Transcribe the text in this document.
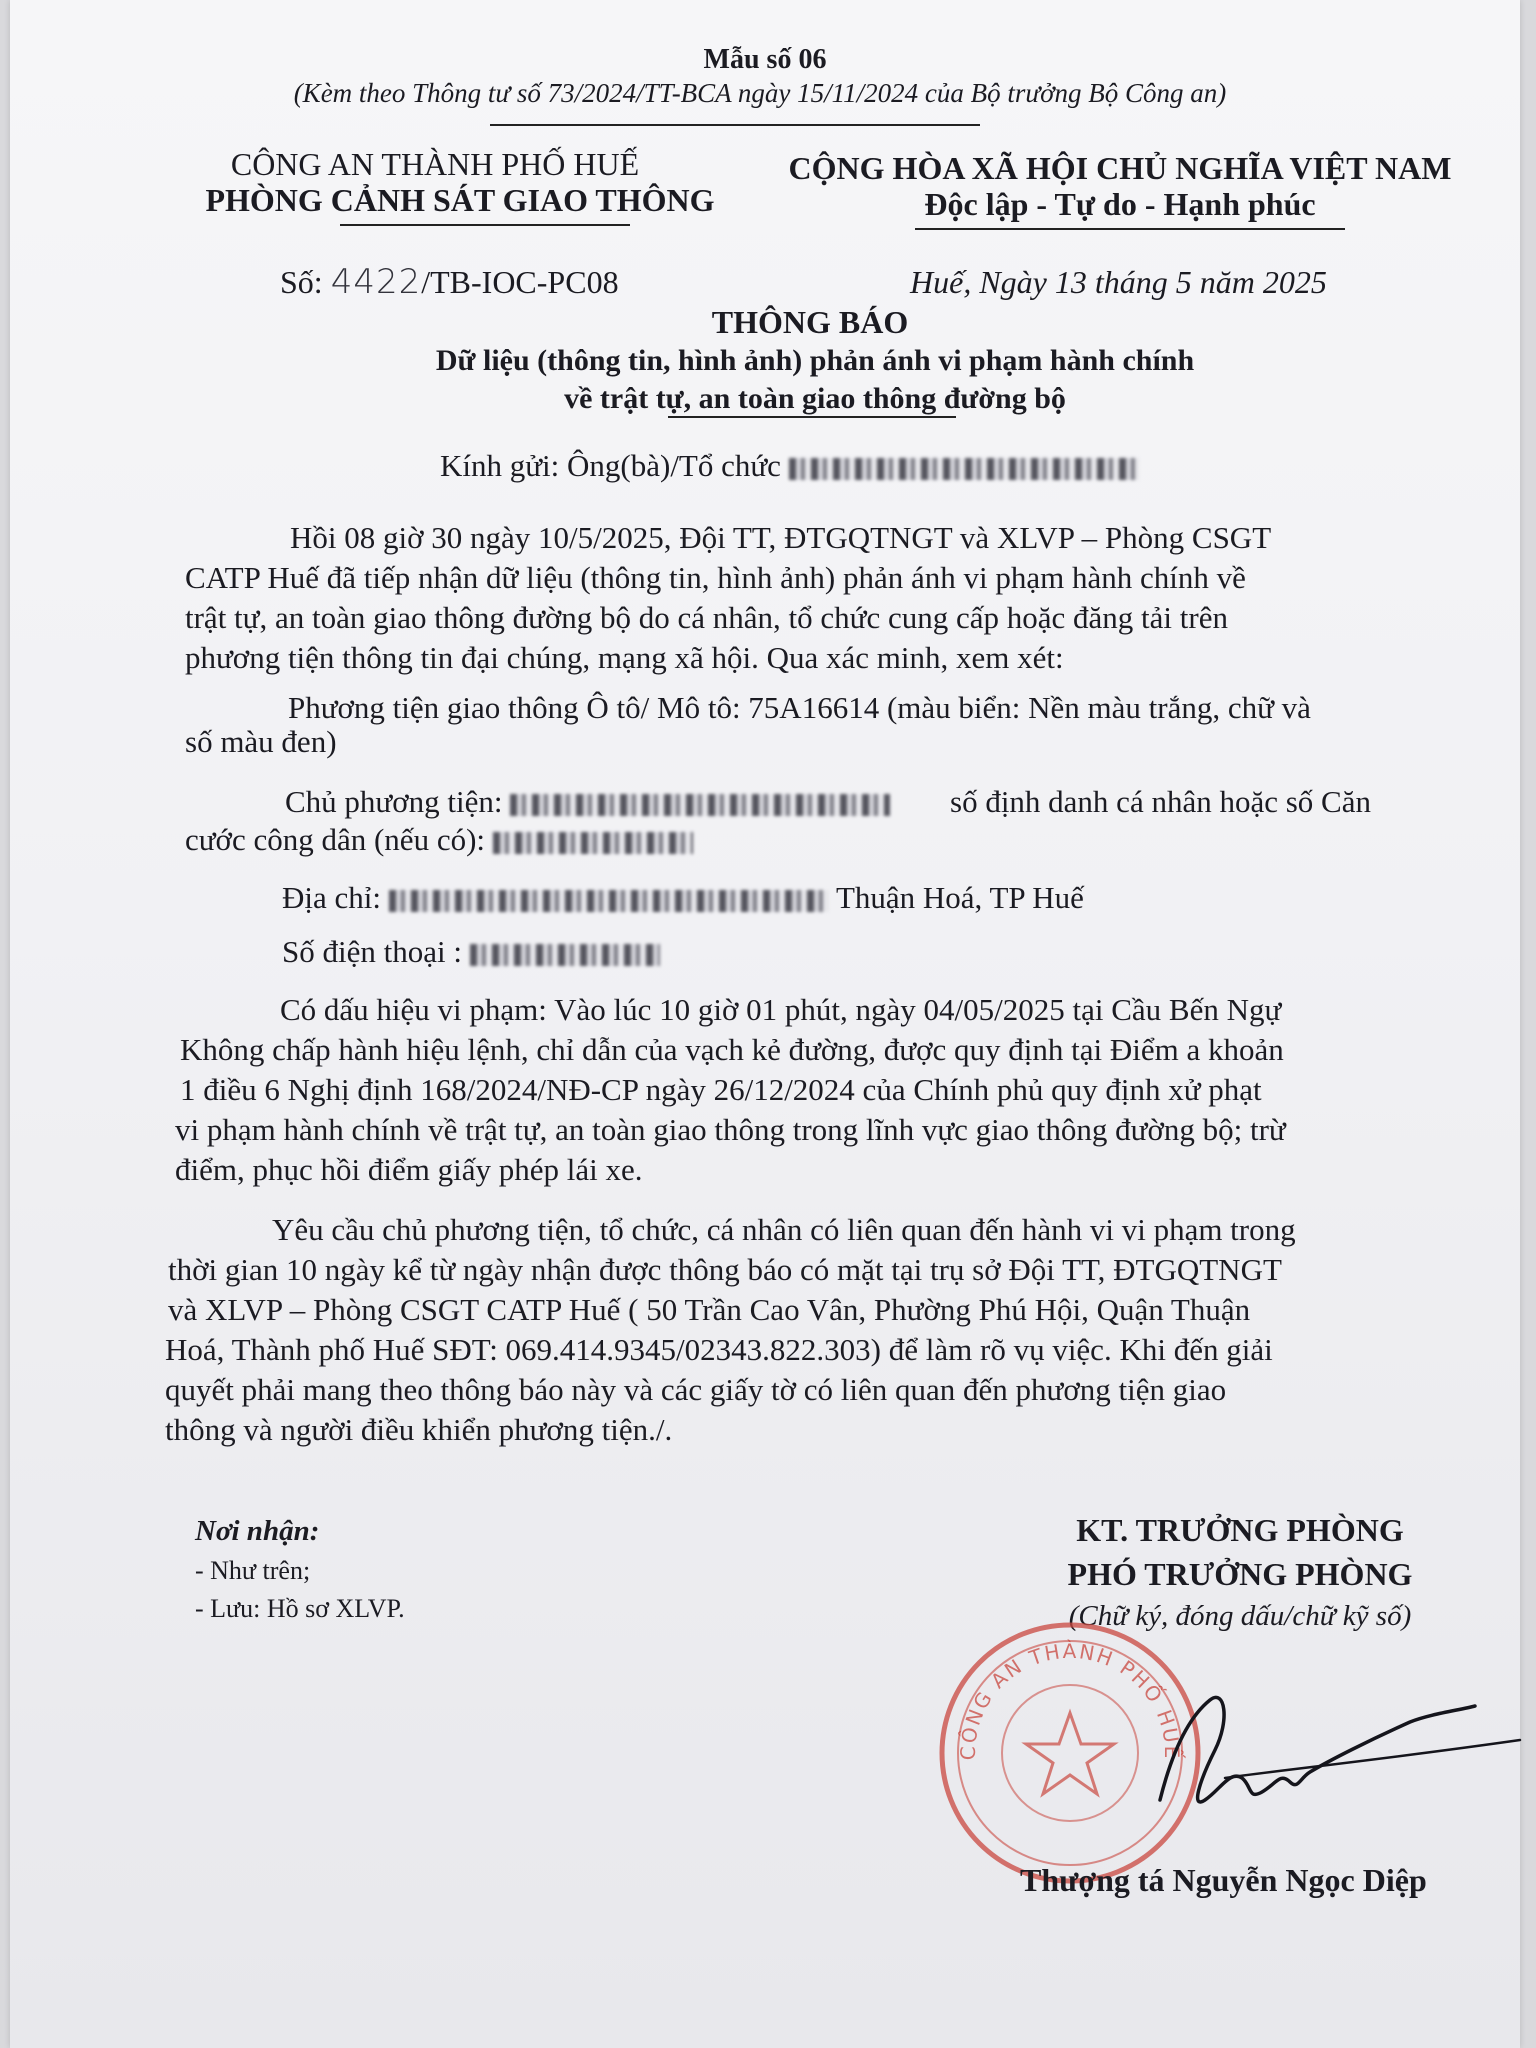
Mẫu số 06
(Kèm theo Thông tư số 73/2024/TT-BCA ngày 15/11/2024 của Bộ trưởng Bộ Công an)
CÔNG AN THÀNH PHỐ HUẾ
PHÒNG CẢNH SÁT GIAO THÔNG
CỘNG HÒA XÃ HỘI CHỦ NGHĨA VIỆT NAM
Độc lập - Tự do - Hạnh phúc
Số: 4422/TB-IOC-PC08	Huế, Ngày 13 tháng 5 năm 2025
THÔNG BÁO
Dữ liệu (thông tin, hình ảnh) phản ánh vi phạm hành chính
về trật tự, an toàn giao thông đường bộ
Kính gửi: Ông(bà)/Tổ chức
Hồi 08 giờ 30 ngày 10/5/2025, Đội TT, ĐTGQTNGT và XLVP – Phòng CSGT
CATP Huế đã tiếp nhận dữ liệu (thông tin, hình ảnh) phản ánh vi phạm hành chính về
trật tự, an toàn giao thông đường bộ do cá nhân, tổ chức cung cấp hoặc đăng tải trên
phương tiện thông tin đại chúng, mạng xã hội. Qua xác minh, xem xét:
Phương tiện giao thông Ô tô/ Mô tô: 75A16614 (màu biển: Nền màu trắng, chữ và
số màu đen)
Chủ phương tiện:	số định danh cá nhân hoặc số Căn
cước công dân (nếu có):
Địa chỉ:	Thuận Hoá, TP Huế
Số điện thoại :
Có dấu hiệu vi phạm: Vào lúc 10 giờ 01 phút, ngày 04/05/2025 tại Cầu Bến Ngự
Không chấp hành hiệu lệnh, chỉ dẫn của vạch kẻ đường, được quy định tại Điểm a khoản
1 điều 6 Nghị định 168/2024/NĐ-CP ngày 26/12/2024 của Chính phủ quy định xử phạt
vi phạm hành chính về trật tự, an toàn giao thông trong lĩnh vực giao thông đường bộ; trừ
điểm, phục hồi điểm giấy phép lái xe.
Yêu cầu chủ phương tiện, tổ chức, cá nhân có liên quan đến hành vi vi phạm trong
thời gian 10 ngày kể từ ngày nhận được thông báo có mặt tại trụ sở Đội TT, ĐTGQTNGT
và XLVP – Phòng CSGT CATP Huế ( 50 Trần Cao Vân, Phường Phú Hội, Quận Thuận
Hoá, Thành phố Huế SĐT: 069.414.9345/02343.822.303) để làm rõ vụ việc. Khi đến giải
quyết phải mang theo thông báo này và các giấy tờ có liên quan đến phương tiện giao
thông và người điều khiển phương tiện./.
Nơi nhận:
- Như trên;
- Lưu: Hồ sơ XLVP.
KT. TRƯỞNG PHÒNG
PHÓ TRƯỞNG PHÒNG
(Chữ ký, đóng dấu/chữ kỹ số)
CÔNG AN THÀNH PHỐ HUẾ
Thượng tá Nguyễn Ngọc Diệp
